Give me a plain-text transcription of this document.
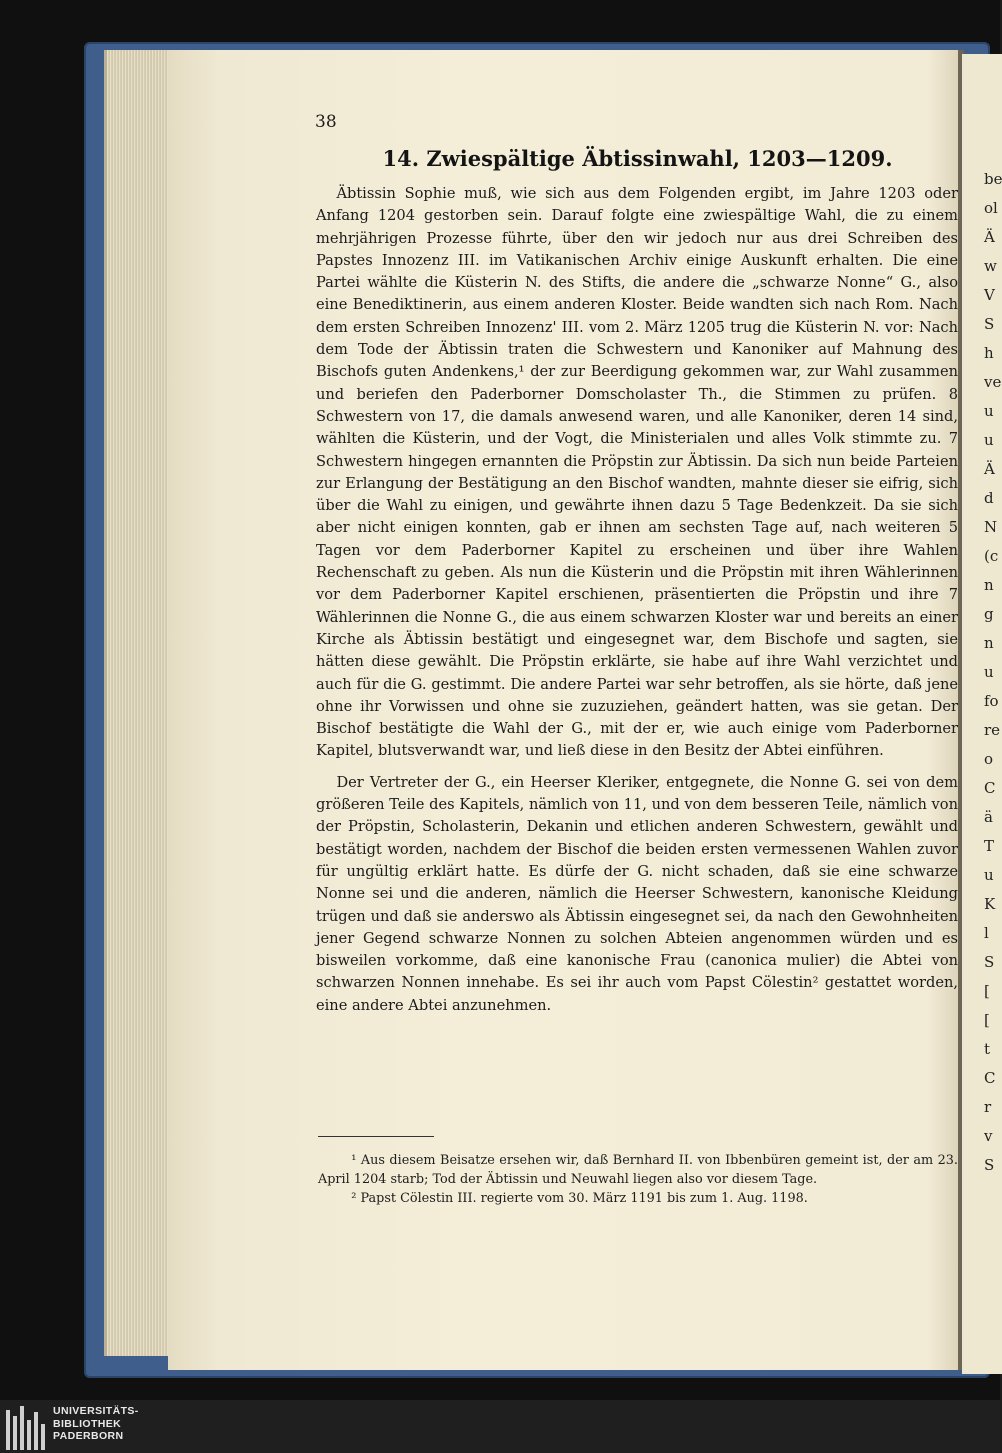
be
ol
Ä
w
V
S
h
ve
u
u
Ä
d
N
(c
n
g
n
u
fo
re
o
C
ä
T
u
K
l
S
[
[
t
C
r
v
S
38
14. Zwiespältige Äbtissinwahl, 1203—1209.

Äbtissin Sophie muß, wie sich aus dem Folgenden ergibt, im Jahre 1203 oder Anfang 1204 gestorben sein. Darauf folgte eine zwiespältige Wahl, die zu einem mehrjährigen Prozesse führte, über den wir jedoch nur aus drei Schreiben des Papstes Innozenz III. im Vatikanischen Archiv einige Auskunft erhalten. Die eine Partei wählte die Küsterin N. des Stifts, die andere die „schwarze Nonne“ G., also eine Benediktinerin, aus einem anderen Kloster. Beide wandten sich nach Rom. Nach dem ersten Schreiben Innozenz' III. vom 2. März 1205 trug die Küsterin N. vor: Nach dem Tode der Äbtissin traten die Schwestern und Kanoniker auf Mahnung des Bischofs guten Andenkens,¹ der zur Beerdigung gekommen war, zur Wahl zusammen und beriefen den Paderborner Domscholaster Th., die Stimmen zu prüfen. 8 Schwestern von 17, die damals anwesend waren, und alle Kanoniker, deren 14 sind, wählten die Küsterin, und der Vogt, die Ministerialen und alles Volk stimmte zu. 7 Schwestern hingegen ernannten die Pröpstin zur Äbtissin. Da sich nun beide Parteien zur Erlangung der Bestätigung an den Bischof wandten, mahnte dieser sie eifrig, sich über die Wahl zu einigen, und gewährte ihnen dazu 5 Tage Bedenkzeit. Da sie sich aber nicht einigen konnten, gab er ihnen am sechsten Tage auf, nach weiteren 5 Tagen vor dem Paderborner Kapitel zu erscheinen und über ihre Wahlen Rechenschaft zu geben. Als nun die Küsterin und die Pröpstin mit ihren Wählerinnen vor dem Paderborner Kapitel erschienen, präsentierten die Pröpstin und ihre 7 Wählerinnen die Nonne G., die aus einem schwarzen Kloster war und bereits an einer Kirche als Äbtissin bestätigt und eingesegnet war, dem Bischofe und sagten, sie hätten diese gewählt. Die Pröpstin erklärte, sie habe auf ihre Wahl verzichtet und auch für die G. gestimmt. Die andere Partei war sehr betroffen, als sie hörte, daß jene ohne ihr Vorwissen und ohne sie zuzuziehen, geändert hatten, was sie getan. Der Bischof bestätigte die Wahl der G., mit der er, wie auch einige vom Paderborner Kapitel, blutsverwandt war, und ließ diese in den Besitz der Abtei einführen.

Der Vertreter der G., ein Heerser Kleriker, entgegnete, die Nonne G. sei von dem größeren Teile des Kapitels, nämlich von 11, und von dem besseren Teile, nämlich von der Pröpstin, Scholasterin, Dekanin und etlichen anderen Schwestern, gewählt und bestätigt worden, nachdem der Bischof die beiden ersten vermessenen Wahlen zuvor für ungültig erklärt hatte. Es dürfe der G. nicht schaden, daß sie eine schwarze Nonne sei und die anderen, nämlich die Heerser Schwestern, kanonische Kleidung trügen und daß sie anderswo als Äbtissin eingesegnet sei, da nach den Gewohnheiten jener Gegend schwarze Nonnen zu solchen Abteien angenommen würden und es bisweilen vorkomme, daß eine kanonische Frau (canonica mulier) die Abtei von schwarzen Nonnen innehabe. Es sei ihr auch vom Papst Cölestin² gestattet worden, eine andere Abtei anzunehmen.

¹ Aus diesem Beisatze ersehen wir, daß Bernhard II. von Ibbenbüren gemeint ist, der am 23. April 1204 starb; Tod der Äbtissin und Neuwahl liegen also vor diesem Tage.

² Papst Cölestin III. regierte vom 30. März 1191 bis zum 1. Aug. 1198.

UNIVERSITÄTS-
BIBLIOTHEK
PADERBORN
